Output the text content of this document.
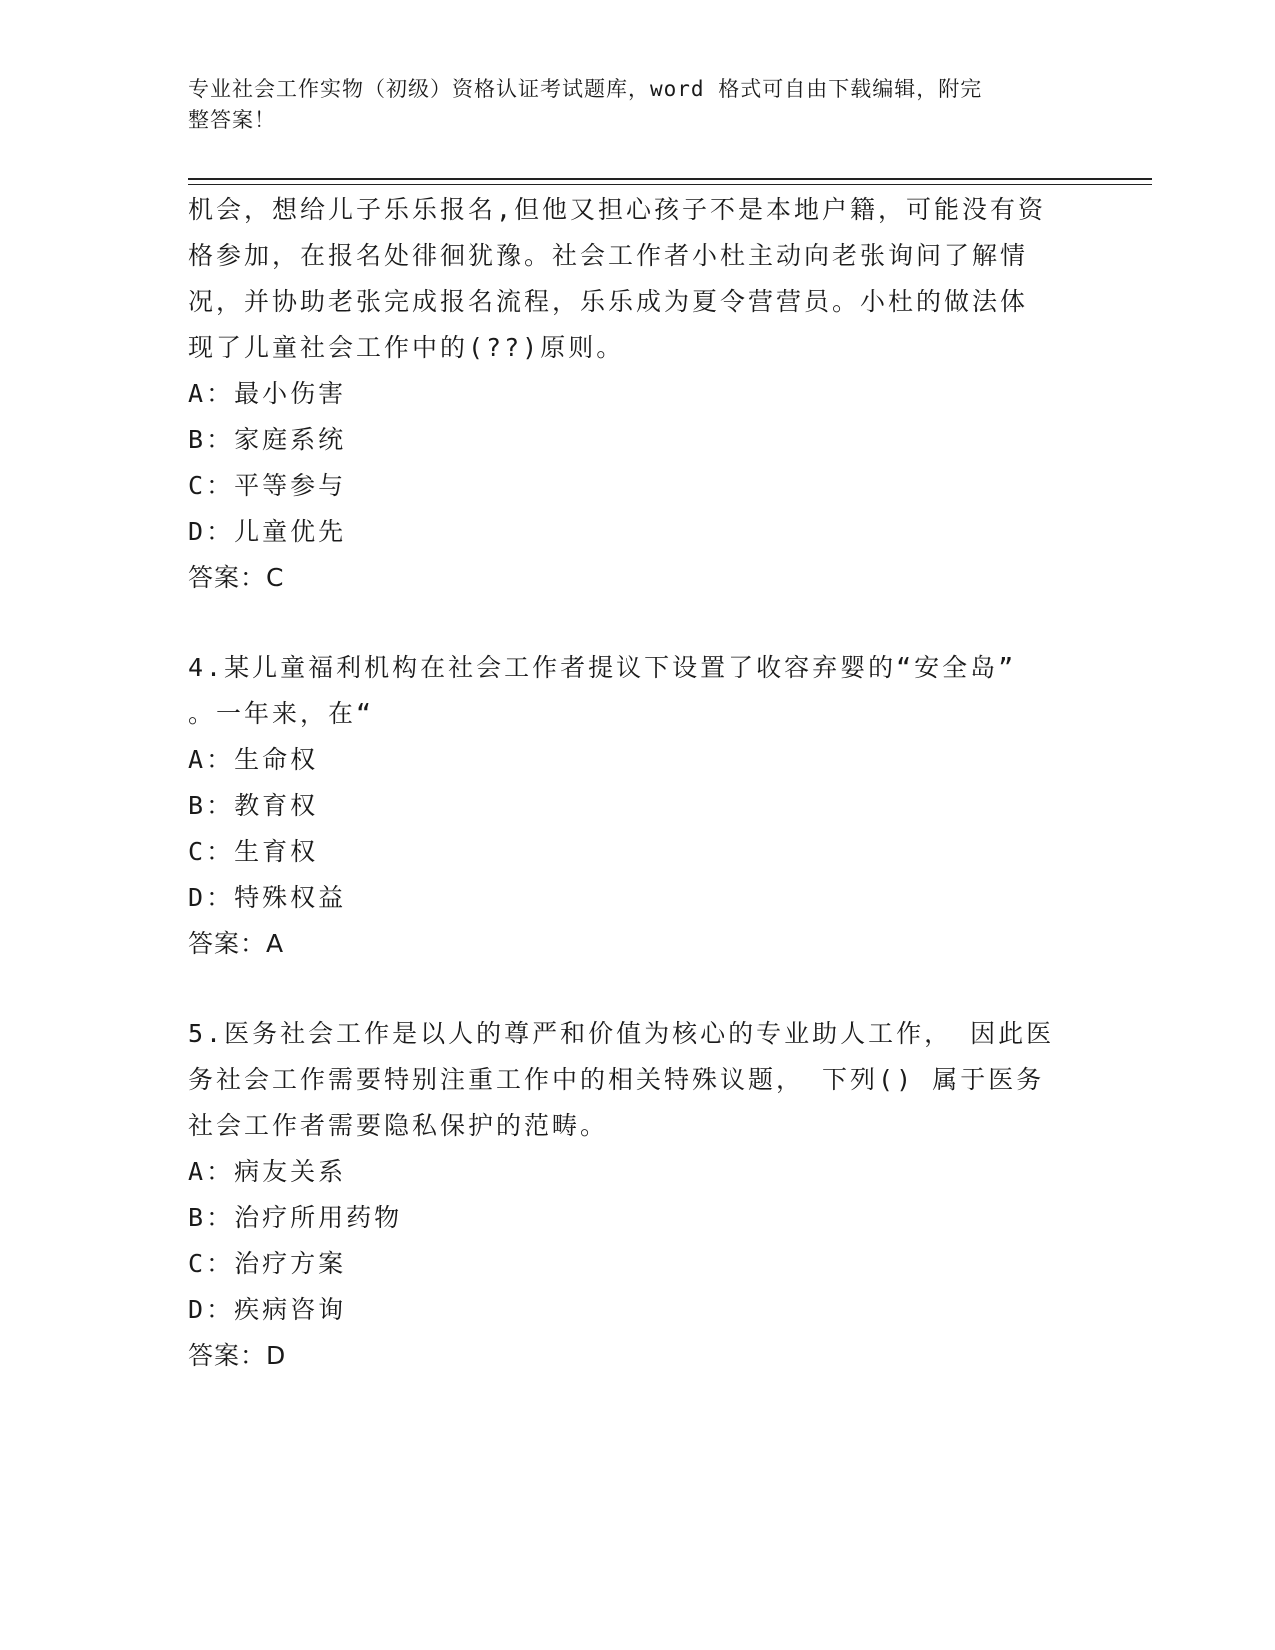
专业社会工作实物（初级）资格认证考试题库，word 格式可自由下载编辑，附完
整答案！
机会，想给儿子乐乐报名,但他又担心孩子不是本地户籍，可能没有资
格参加，在报名处徘徊犹豫。社会工作者小杜主动向老张询问了解情
况，并协助老张完成报名流程，乐乐成为夏令营营员。小杜的做法体
现了儿童社会工作中的(??)原则。
A：最小伤害
B：家庭系统
C：平等参与
D：儿童优先
答案：C
4.某儿童福利机构在社会工作者提议下设置了收容弃婴的“安全岛”
。一年来，在“
A：生命权
B：教育权
C：生育权
D：特殊权益
答案：A
5.医务社会工作是以人的尊严和价值为核心的专业助人工作， 因此医
务社会工作需要特别注重工作中的相关特殊议题， 下列() 属于医务
社会工作者需要隐私保护的范畴。
A：病友关系
B：治疗所用药物
C：治疗方案
D：疾病咨询
答案：D
